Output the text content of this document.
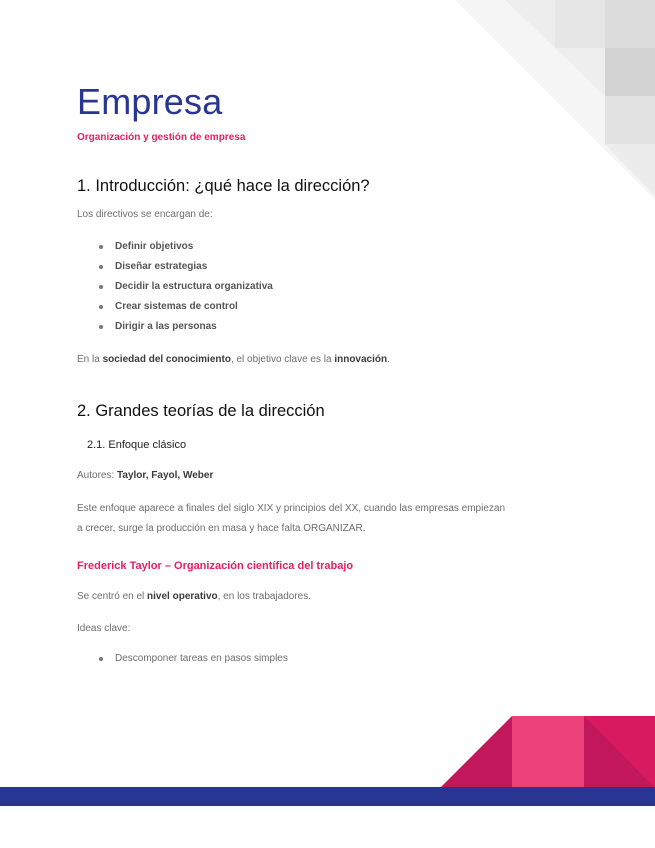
Empresa
Organización y gestión de empresa
1. Introducción: ¿qué hace la dirección?

Los directivos se encargan de:

Definir objetivos
Diseñar estrategias
Decidir la estructura organizativa
Crear sistemas de control
Dirigir a las personas

En la sociedad del conocimiento, el objetivo clave es la innovación.

2. Grandes teorías de la dirección
2.1. Enfoque clásico

Autores: Taylor, Fayol, Weber

Este enfoque aparece a finales del siglo XIX y principios del XX, cuando las empresas empiezan
a crecer, surge la producción en masa y hace falta ORGANIZAR.

Frederick Taylor – Organización científica del trabajo

Se centró en el nivel operativo, en los trabajadores.

Ideas clave:

Descomponer tareas en pasos simples
